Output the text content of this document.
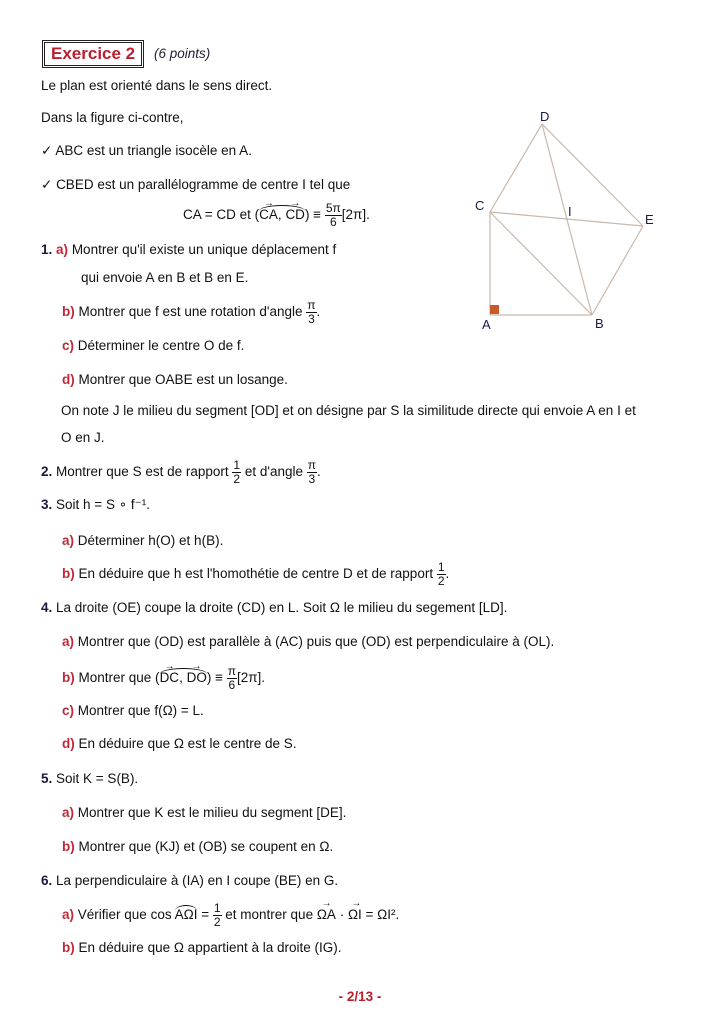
Exercice 2	(6 points)
Le plan est orienté dans le sens direct.
Dans la figure ci-contre,
✓ ABC est un triangle isocèle en A.
✓ CBED est un parallélogramme de centre I tel que
CA = CD et (→ CA, → $CD) \equiv \frac{5\pi}{6} [2\pi]$.
D
C	I
E
A	B
1. a) Montrer qu'il existe un unique déplacement f
qui envoie A en B et B en E.
b) Montrer que f est une rotation d'angle $\frac{\pi}{3}$ .
c) Déterminer le centre O de f.
d) Montrer que OABE est un losange.
On note J le milieu du segment [OD] et on désigne par S la similitude directe qui envoie A en I et
O en J.
2. Montrer que S est de rapport $\frac{1}{2}$ et d'angle $\frac{\pi}{3}$ .
3. Soit h = S ∘ f⁻¹.
a) Déterminer h(O) et h(B).
b) En déduire que h est l'homothétie de centre D et de rapport $\frac{1}{2}$ .
4. La droite (OE) coupe la droite (CD) en L. Soit Ω le milieu du segement [LD].
a) Montrer que (OD) est parallèle à (AC) puis que (OD) est perpendiculaire à (OL).
b) Montrer que (→ DC, → $DO) \equiv \frac{\pi}{6} [2\pi]$.
c) Montrer que f(Ω) = L.
d) En déduire que Ω est le centre de S.
5. Soit K = S(B).
a) Montrer que K est le milieu du segment [DE].
b) Montrer que (KJ) et (OB) se coupent en Ω.
6. La perpendiculaire à (IA) en I coupe (BE) en G.
a) Vérifier que $\cos A\Omega I = \frac{1}{2}$ et montrer que → ΩA · → ΩI = ΩI².
b) En déduire que Ω appartient à la droite (IG).
- 2/13 -
